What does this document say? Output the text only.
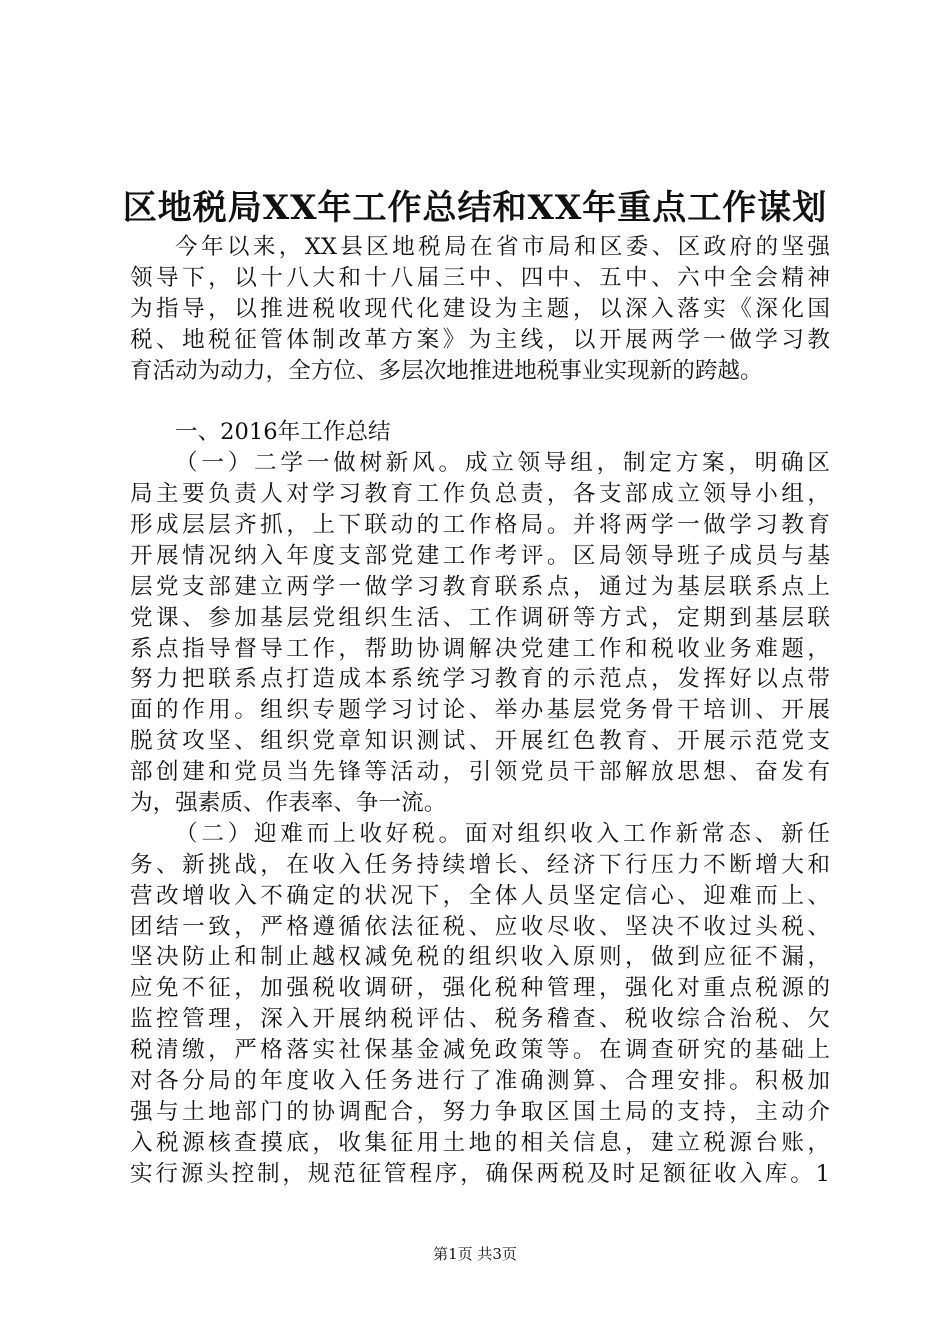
区地税局XX年工作总结和XX年重点工作谋划
今年以来，XX县区地税局在省市局和区委、区政府的坚强
领导下，以十八大和十八届三中、四中、五中、六中全会精神
为指导，以推进税收现代化建设为主题，以深入落实《深化国
税、地税征管体制改革方案》为主线，以开展两学一做学习教
育活动为动力，全方位、多层次地推进地税事业实现新的跨越。
一、2016年工作总结
（一）二学一做树新风。成立领导组，制定方案，明确区
局主要负责人对学习教育工作负总责，各支部成立领导小组，
形成层层齐抓，上下联动的工作格局。并将两学一做学习教育
开展情况纳入年度支部党建工作考评。区局领导班子成员与基
层党支部建立两学一做学习教育联系点，通过为基层联系点上
党课、参加基层党组织生活、工作调研等方式，定期到基层联
系点指导督导工作，帮助协调解决党建工作和税收业务难题，
努力把联系点打造成本系统学习教育的示范点，发挥好以点带
面的作用。组织专题学习讨论、举办基层党务骨干培训、开展
脱贫攻坚、组织党章知识测试、开展红色教育、开展示范党支
部创建和党员当先锋等活动，引领党员干部解放思想、奋发有
为，强素质、作表率、争一流。
（二）迎难而上收好税。面对组织收入工作新常态、新任
务、新挑战，在收入任务持续增长、经济下行压力不断增大和
营改增收入不确定的状况下，全体人员坚定信心、迎难而上、
团结一致，严格遵循依法征税、应收尽收、坚决不收过头税、
坚决防止和制止越权减免税的组织收入原则，做到应征不漏，
应免不征，加强税收调研，强化税种管理，强化对重点税源的
监控管理，深入开展纳税评估、税务稽查、税收综合治税、欠
税清缴，严格落实社保基金减免政策等。在调查研究的基础上
对各分局的年度收入任务进行了准确测算、合理安排。积极加
强与土地部门的协调配合，努力争取区国土局的支持，主动介
入税源核查摸底，收集征用土地的相关信息，建立税源台账，
实行源头控制，规范征管程序，确保两税及时足额征收入库。1
第1页 共3页
